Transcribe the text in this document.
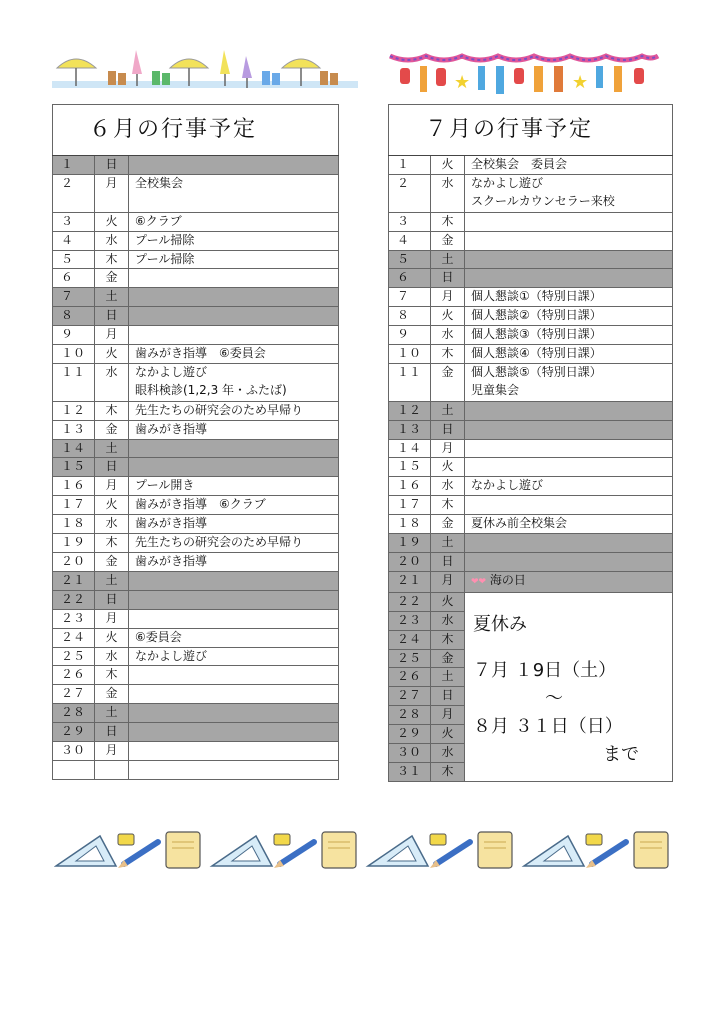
★	★
６月の行事予定		
１	日	
２	月	全校集会

３	火	⑥クラブ

４	水	プール掃除

５	木	プール掃除

６	金	
７	土	
８	日	
９	月	
１０	火	歯みがき指導　⑥委員会

１１	水	なかよし遊び
眼科検診(1,2,3 年・ふたば)

１２	木	先生たちの研究会のため早帰り

１３	金	歯みがき指導

１４	土	
１５	日	
１６	月	プール開き

１７	火	歯みがき指導　⑥クラブ

１８	水	歯みがき指導

１９	木	先生たちの研究会のため早帰り

２０	金	歯みがき指導

２１	土	
２２	日	
２３	月	
２４	火	⑥委員会

２５	水	なかよし遊び

２６	木	
２７	金	
２８	土	
２９	日	
３０	月	

７月の行事予定		
１	火	全校集会　委員会

２	水	なかよし遊び
スクールカウンセラー来校

３	木	
４	金	
５	土	
６	日	
７	月	個人懇談①（特別日課）

８	火	個人懇談②（特別日課）

９	水	個人懇談③（特別日課）

１０	木	個人懇談④（特別日課）

１１	金	個人懇談⑤（特別日課）
児童集会

１２	土	
１３	日	
１４	月	
１５	火	
１６	水	なかよし遊び

１７	木	
１８	金	夏休み前全校集会

１９	土	
２０	日	
２１	月	❤❤ 海の日
２２	火	夏休み
７月 １9日（土）
～
８月 ３１日（日）
まで

２３	水	
２４	木	
２５	金	
２６	土	
２７	日	
２８	月	
２９	火	
３０	水	
３１	木	
